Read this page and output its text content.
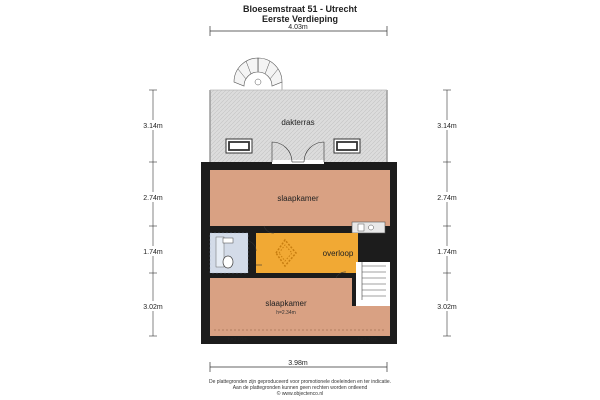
Bloesemstraat 51 - Utrecht
Eerste Verdieping
4.03m
dakterras
slaapkamer
overloop
slaapkamer
h=2.34m
h=2.03m	h=1.30m
3.14m
2.74m
1.74m
3.02m
3.14m
2.74m
1.74m
3.02m
3.98m
De plattegronden zijn geproduceerd voor promotionele doeleinden en ter indicatie.
Aan de plattegronden kunnen geen rechten worden ontleend
© www.objectenco.nl
